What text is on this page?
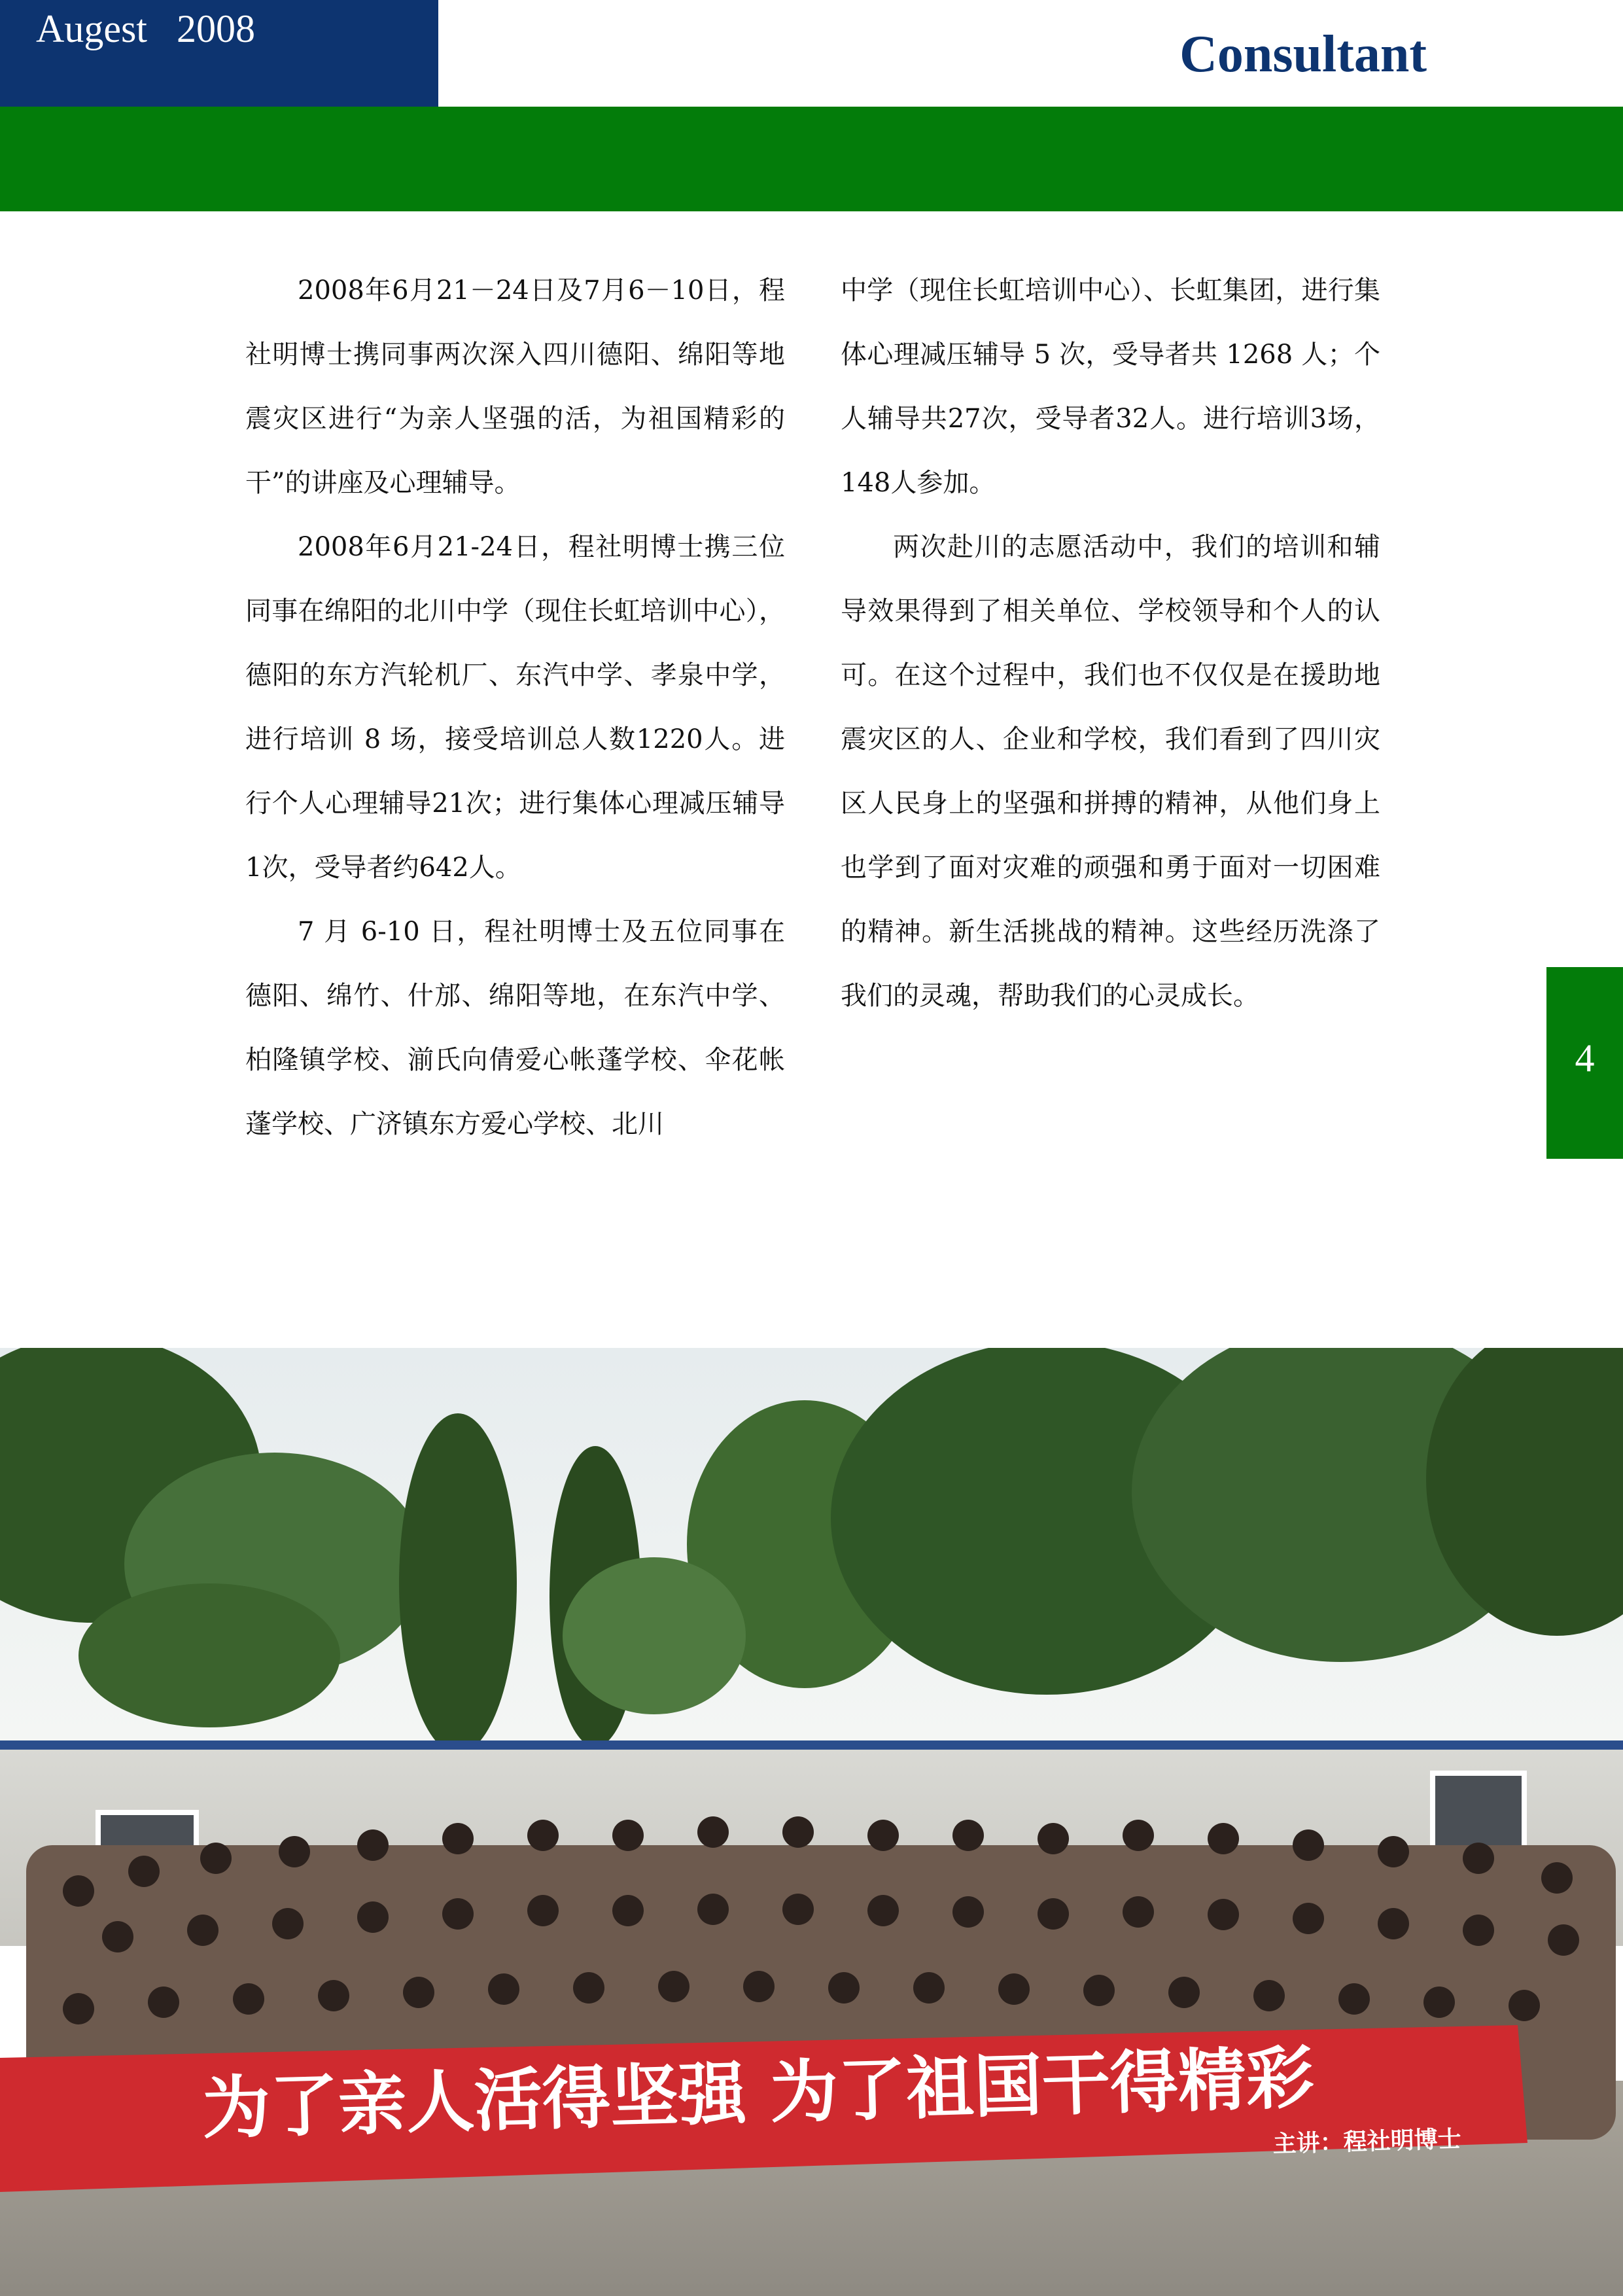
Augest   2008	Consultant

2008年6月21－24日及7月6－10日，程社明博士携同事两次深入四川德阳、绵阳等地震灾区进行“为亲人坚强的活，为祖国精彩的干”的讲座及心理辅导。

2008年6月21-24日，程社明博士携三位同事在绵阳的北川中学（现住长虹培训中心），德阳的东方汽轮机厂、东汽中学、孝泉中学，进行培训 8 场，接受培训总人数1220人。进行个人心理辅导21次；进行集体心理减压辅导1次，受导者约642人。

7 月 6-10 日，程社明博士及五位同事在德阳、绵竹、什邡、绵阳等地，在东汽中学、柏隆镇学校、湔氏向倩爱心帐蓬学校、伞花帐蓬学校、广济镇东方爱心学校、北川

中学（现住长虹培训中心）、长虹集团，进行集体心理减压辅导 5 次，受导者共 1268 人；个人辅导共27次，受导者32人。进行培训3场，148人参加。

两次赴川的志愿活动中，我们的培训和辅导效果得到了相关单位、学校领导和个人的认可。在这个过程中，我们也不仅仅是在援助地震灾区的人、企业和学校，我们看到了四川灾区人民身上的坚强和拼搏的精神，从他们身上也学到了面对灾难的顽强和勇于面对一切困难的精神。新生活挑战的精神。这些经历洗涤了我们的灵魂，帮助我们的心灵成长。

4
为了亲人活得坚强 为了祖国干得精彩
主讲：程社明博士
